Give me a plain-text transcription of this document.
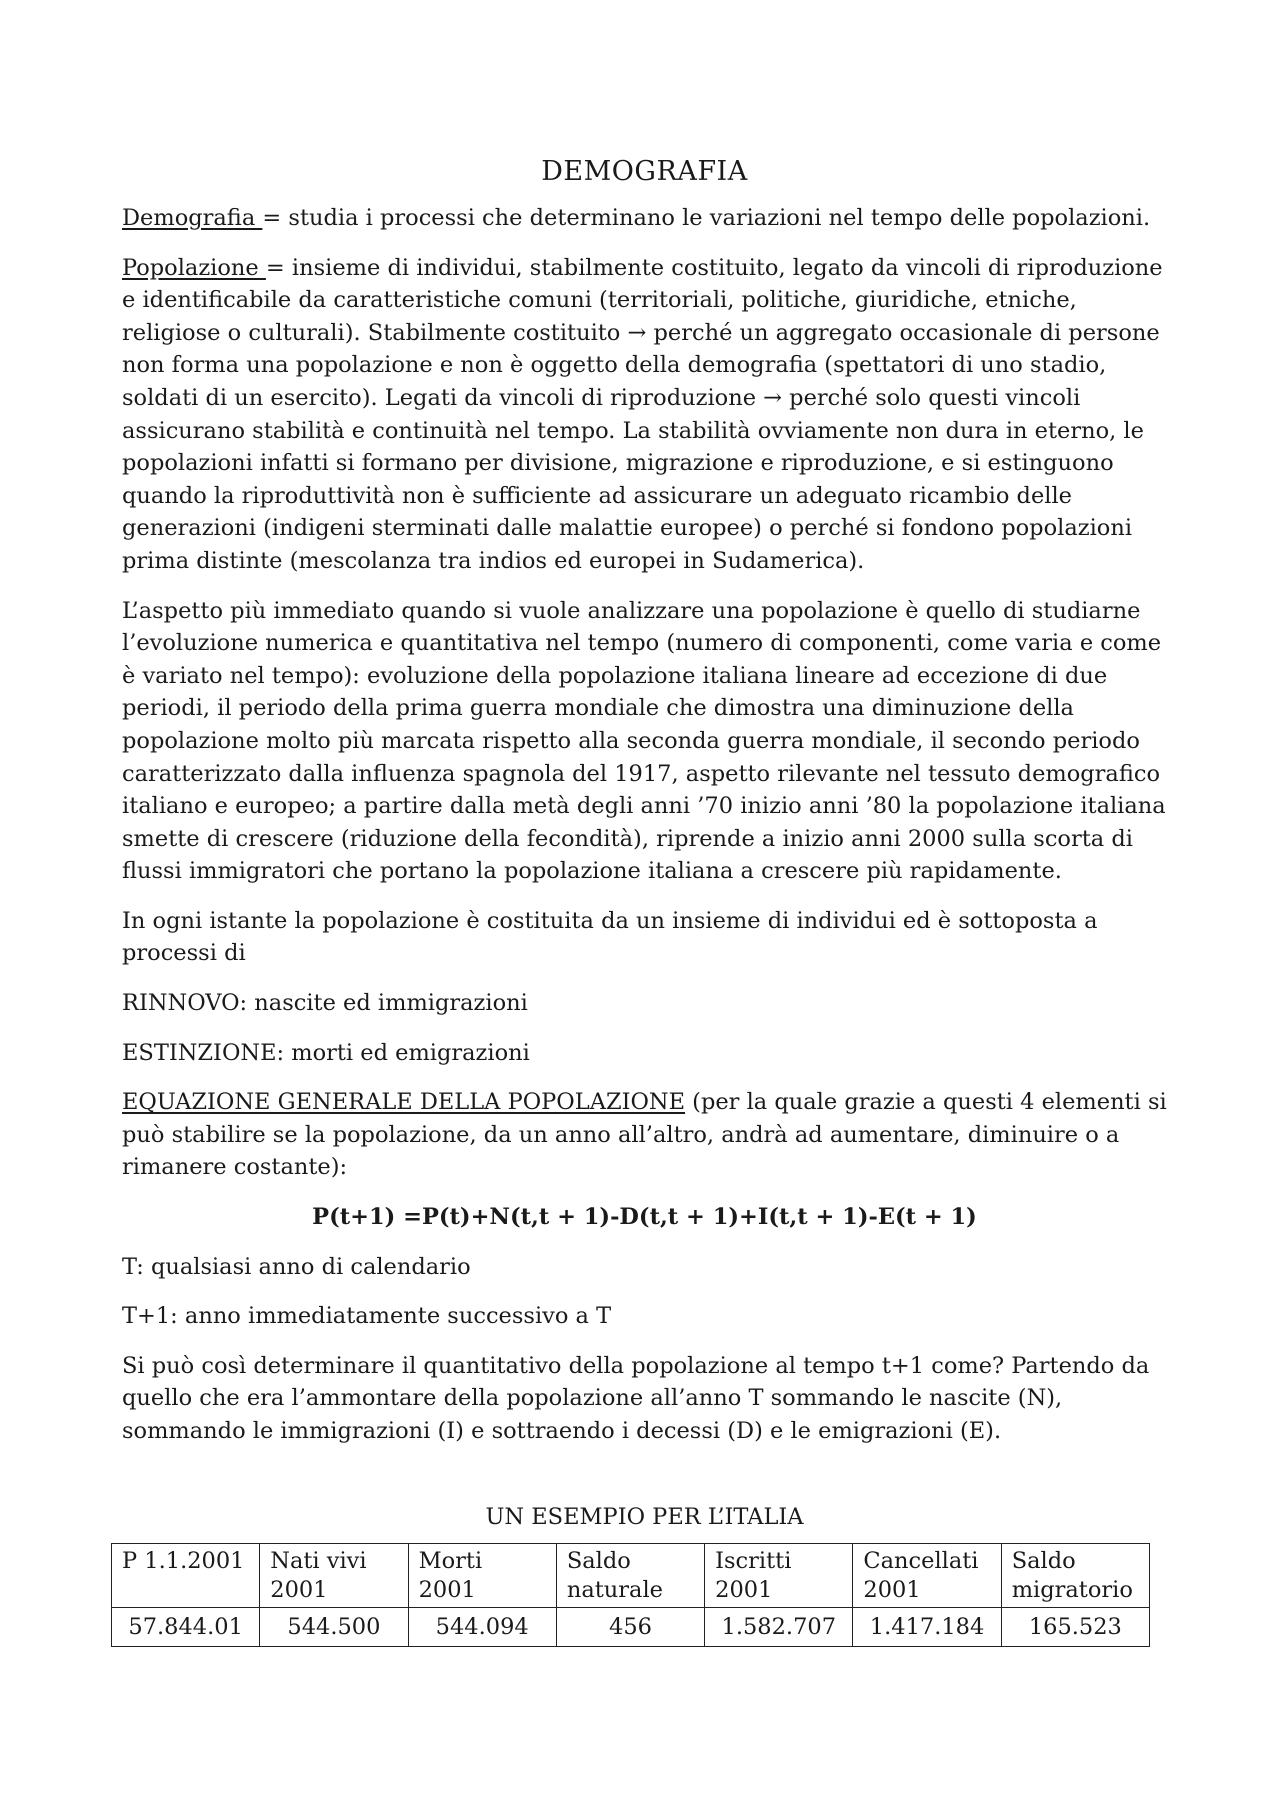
DEMOGRAFIA

Demografia = studia i processi che determinano le variazioni nel tempo delle popolazioni.

Popolazione = insieme di individui, stabilmente costituito, legato da vincoli di riproduzione e identificabile da caratteristiche comuni (territoriali, politiche, giuridiche, etniche, religiose o culturali). Stabilmente costituito → perché un aggregato occasionale di persone non forma una popolazione e non è oggetto della demografia (spettatori di uno stadio, soldati di un esercito). Legati da vincoli di riproduzione → perché solo questi vincoli assicurano stabilità e continuità nel tempo. La stabilità ovviamente non dura in eterno, le popolazioni infatti si formano per divisione, migrazione e riproduzione, e si estinguono quando la riproduttività non è sufficiente ad assicurare un adeguato ricambio delle generazioni (indigeni sterminati dalle malattie europee) o perché si fondono popolazioni prima distinte (mescolanza tra indios ed europei in Sudamerica).

L’aspetto più immediato quando si vuole analizzare una popolazione è quello di studiarne l’evoluzione numerica e quantitativa nel tempo (numero di componenti, come varia e come è variato nel tempo): evoluzione della popolazione italiana lineare ad eccezione di due periodi, il periodo della prima guerra mondiale che dimostra una diminuzione della popolazione molto più marcata rispetto alla seconda guerra mondiale, il secondo periodo caratterizzato dalla influenza spagnola del 1917, aspetto rilevante nel tessuto demografico italiano e europeo; a partire dalla metà degli anni ’70 inizio anni ’80 la popolazione italiana smette di crescere (riduzione della fecondità), riprende a inizio anni 2000 sulla scorta di flussi immigratori che portano la popolazione italiana a crescere più rapidamente.

In ogni istante la popolazione è costituita da un insieme di individui ed è sottoposta a processi di

RINNOVO: nascite ed immigrazioni

ESTINZIONE: morti ed emigrazioni

EQUAZIONE GENERALE DELLA POPOLAZIONE (per la quale grazie a questi 4 elementi si può stabilire se la popolazione, da un anno all’altro, andrà ad aumentare, diminuire o a rimanere costante):

P(t+1) =P(t)+N(t,t + 1)-D(t,t + 1)+I(t,t + 1)-E(t + 1)

T: qualsiasi anno di calendario

T+1: anno immediatamente successivo a T

Si può così determinare il quantitativo della popolazione al tempo t+1 come? Partendo da quello che era l’ammontare della popolazione all’anno T sommando le nascite (N), sommando le immigrazioni (I) e sottraendo i decessi (D) e le emigrazioni (E).

UN ESEMPIO PER L’ITALIA
P 1.1.2001	Nati vivi 2001	Morti 2001	Saldo naturale	Iscritti 2001	Cancellati 2001	Saldo migratorio
57.844.01	544.500	544.094	456	1.582.707	1.417.184	165.523
